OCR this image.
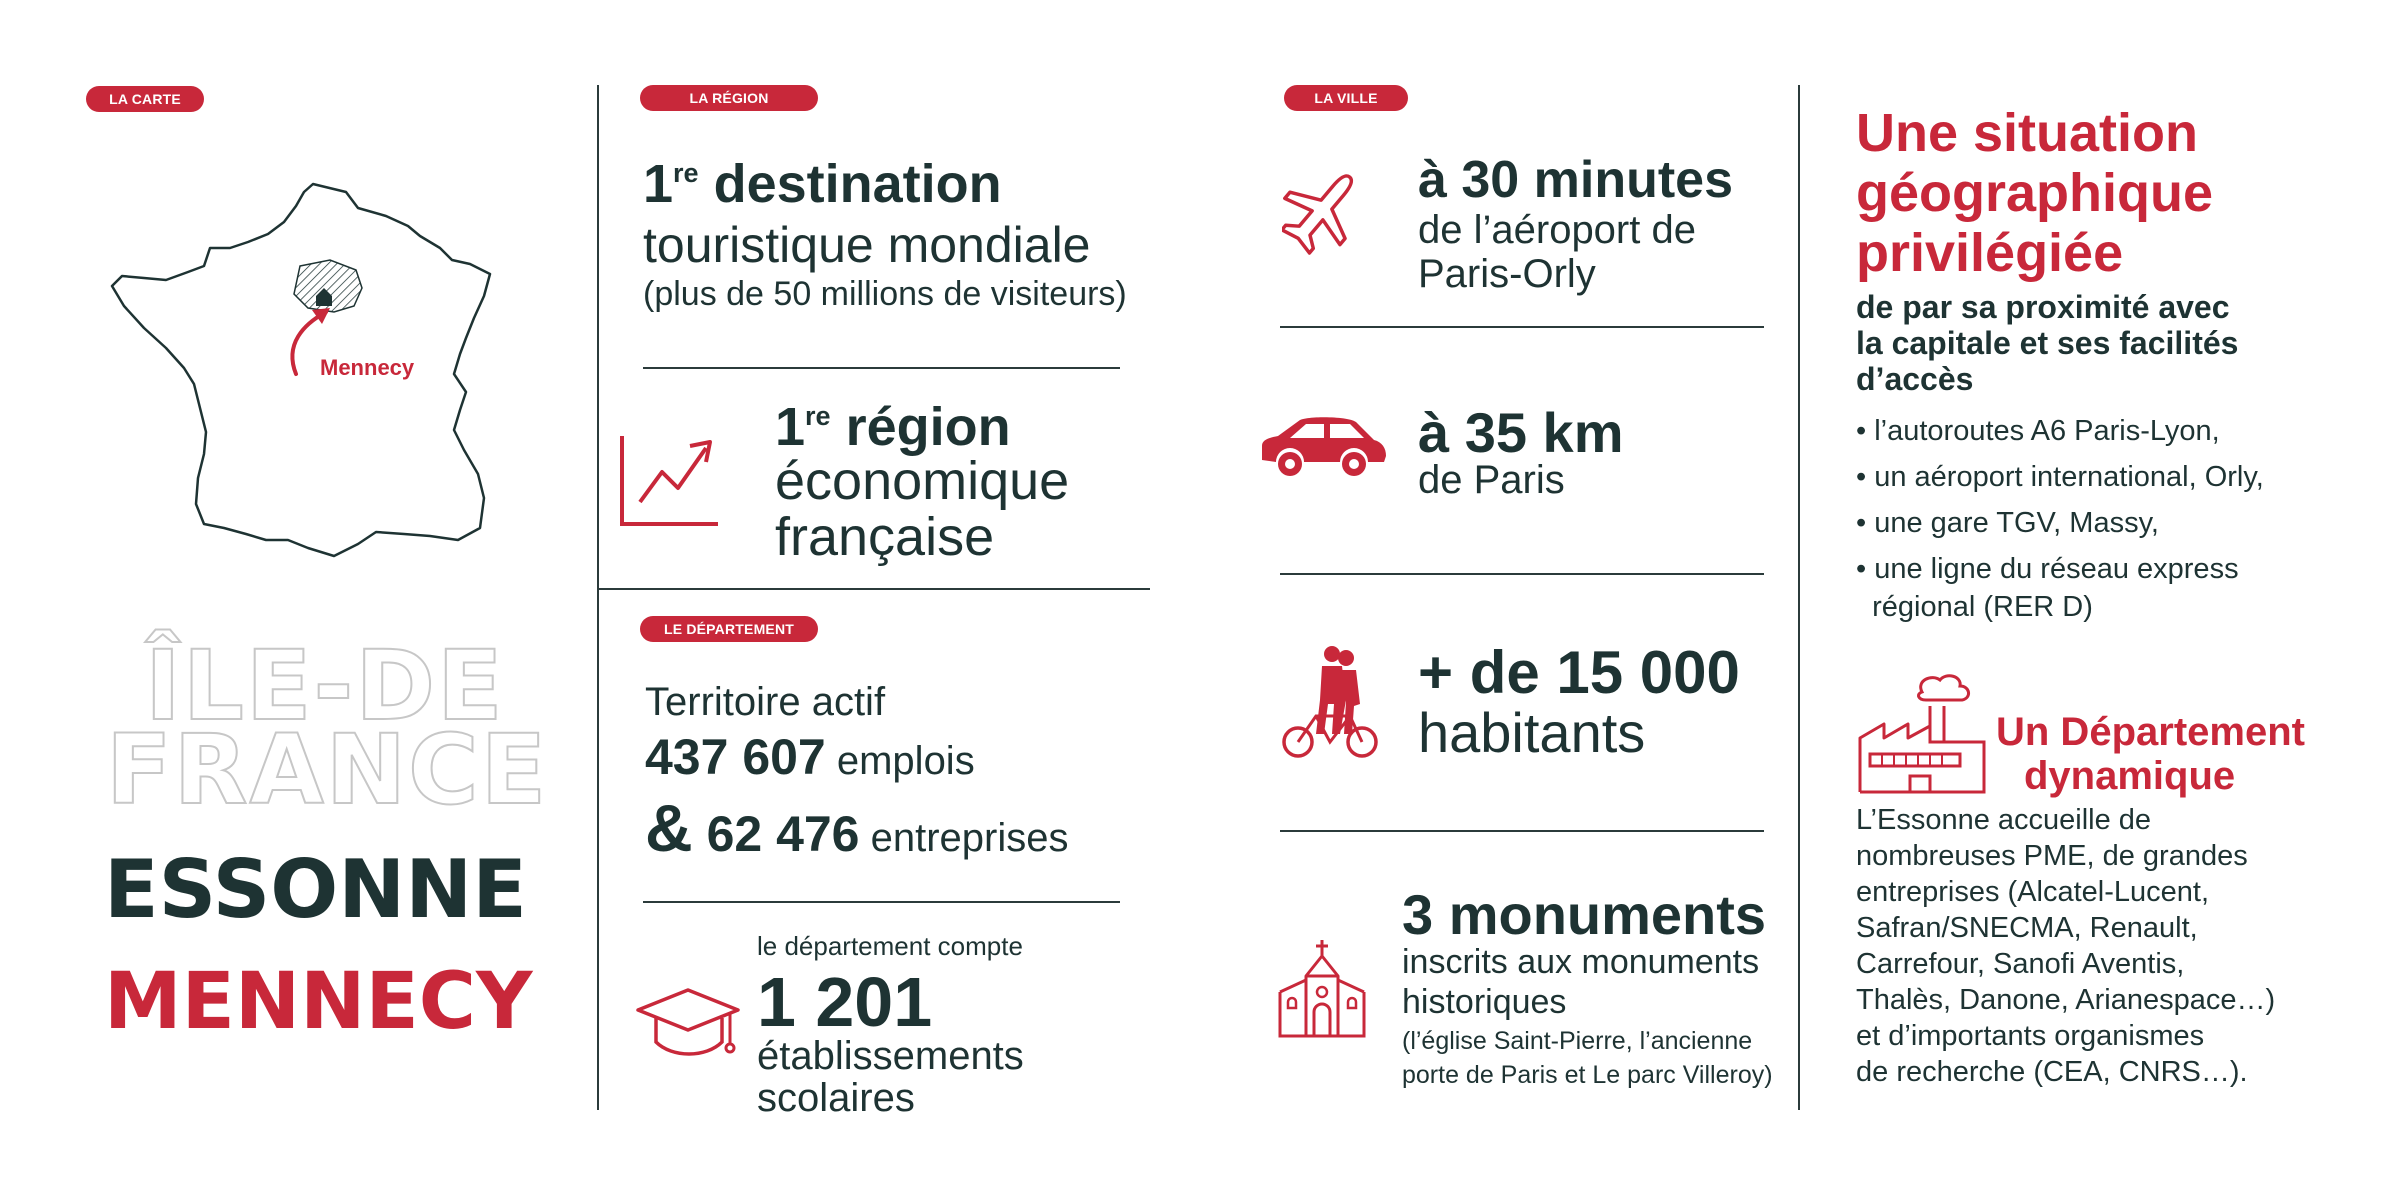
LA CARTE
Mennecy
ÎLE-DE
FRANCE
ESSONNE
MENNECY
LA RÉGION
1re destination
touristique mondiale
(plus de 50 millions de visiteurs)
1re région
économique
française
LE DÉPARTEMENT
Territoire actif
437 607 emplois
& 62 476 entreprises
le département compte
1 201
établissements
scolaires
LA VILLE
à 30 minutes
de l’aéroport de
Paris-Orly
à 35 km
de Paris
+ de 15 000
habitants
3 monuments
inscrits aux monuments
historiques
(l’église Saint-Pierre, l’ancienne
porte de Paris et Le parc Villeroy)
Une situation
géographique
privilégiée
de par sa proximité avec
la capitale et ses facilités
d’accès
• l’autoroutes A6 Paris-Lyon,
• un aéroport international, Orly,
• une gare TGV, Massy,
• une ligne du réseau express
régional (RER D)
Un Département
dynamique
L’Essonne accueille de
nombreuses PME, de grandes
entreprises (Alcatel-Lucent,
Safran/SNECMA, Renault,
Carrefour, Sanofi Aventis,
Thalès, Danone, Arianespace…)
et d’importants organismes
de recherche (CEA, CNRS…).
